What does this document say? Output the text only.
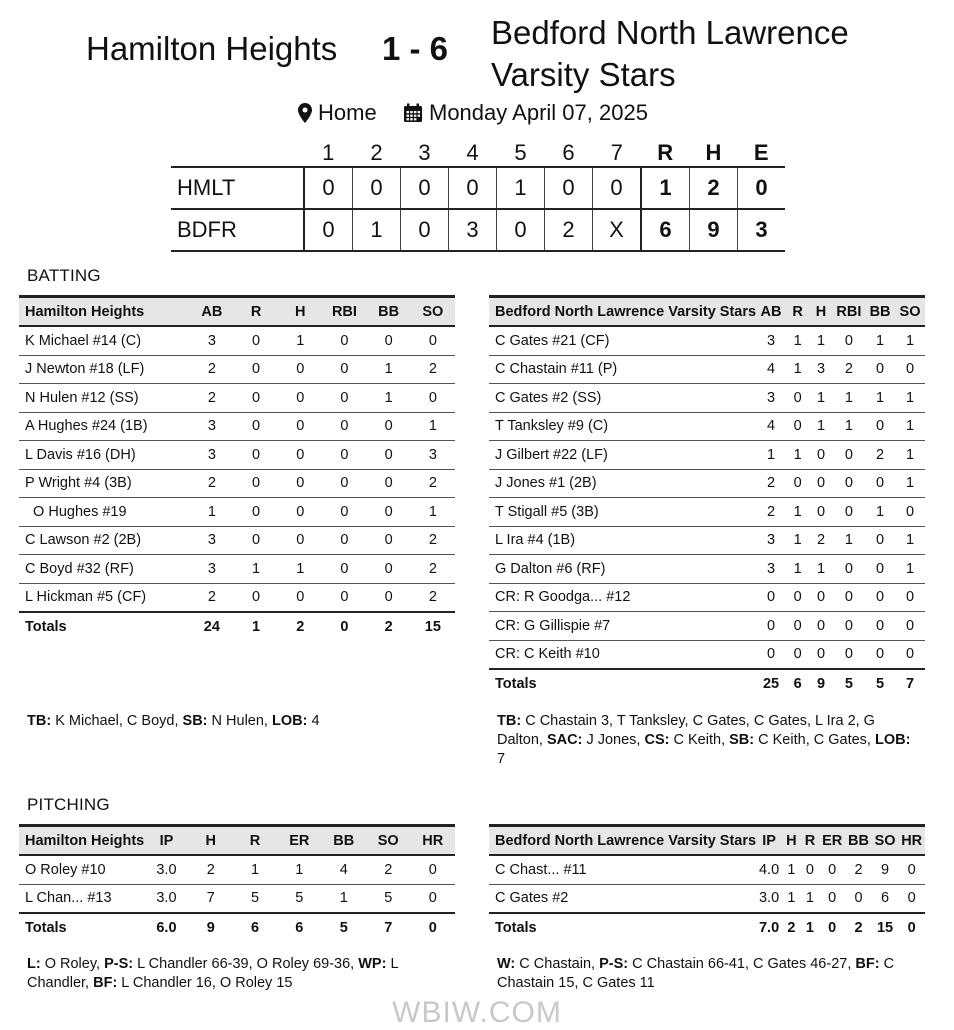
Hamilton Heights 1 - 6 Bedford North Lawrence
Varsity Stars
Home Monday April 07, 2025
	1	2	3	4	5	6	7	R	H	E
HMLT	0	0	0	0	1	0	0	1	2	0
BDFR	0	1	0	3	0	2	X	6	9	3
BATTING
Hamilton Heights	AB	R	H	RBI	BB	SO
K Michael #14 (C)	3	0	1	0	0	0
J Newton #18 (LF)	2	0	0	0	1	2
N Hulen #12 (SS)	2	0	0	0	1	0
A Hughes #24 (1B)	3	0	0	0	0	1
L Davis #16 (DH)	3	0	0	0	0	3
P Wright #4 (3B)	2	0	0	0	0	2
O Hughes #19	1	0	0	0	0	1
C Lawson #2 (2B)	3	0	0	0	0	2
C Boyd #32 (RF)	3	1	1	0	0	2
L Hickman #5 (CF)	2	0	0	0	0	2
Totals	24	1	2	0	2	15
Bedford North Lawrence Varsity Stars	AB	R	H	RBI	BB	SO
C Gates #21 (CF)	3	1	1	0	1	1
C Chastain #11 (P)	4	1	3	2	0	0
C Gates #2 (SS)	3	0	1	1	1	1
T Tanksley #9 (C)	4	0	1	1	0	1
J Gilbert #22 (LF)	1	1	0	0	2	1
J Jones #1 (2B)	2	0	0	0	0	1
T Stigall #5 (3B)	2	1	0	0	1	0
L Ira #4 (1B)	3	1	2	1	0	1
G Dalton #6 (RF)	3	1	1	0	0	1
CR: R Goodga... #12	0	0	0	0	0	0
CR: G Gillispie #7	0	0	0	0	0	0
CR: C Keith #10	0	0	0	0	0	0
Totals	25	6	9	5	5	7
TB: K Michael, C Boyd, SB: N Hulen, LOB: 4	TB: C Chastain 3, T Tanksley, C Gates, C Gates, L Ira 2, G Dalton, SAC: J Jones, CS: C Keith, SB: C Keith, C Gates, LOB: 7
PITCHING
Hamilton Heights	IP	H	R	ER	BB	SO	HR
O Roley #10	3.0	2	1	1	4	2	0
L Chan... #13	3.0	7	5	5	1	5	0
Totals	6.0	9	6	6	5	7	0
Bedford North Lawrence Varsity Stars	IP	H	R	ER	BB	SO	HR
C Chast... #11	4.0	1	0	0	2	9	0
C Gates #2	3.0	1	1	0	0	6	0
Totals	7.0	2	1	0	2	15	0
L: O Roley, P-S: L Chandler 66-39, O Roley 69-36, WP: L Chandler, BF: L Chandler 16, O Roley 15
W: C Chastain, P-S: C Chastain 66-41, C Gates 46-27, BF: C Chastain 15, C Gates 11
WBIW.COM
